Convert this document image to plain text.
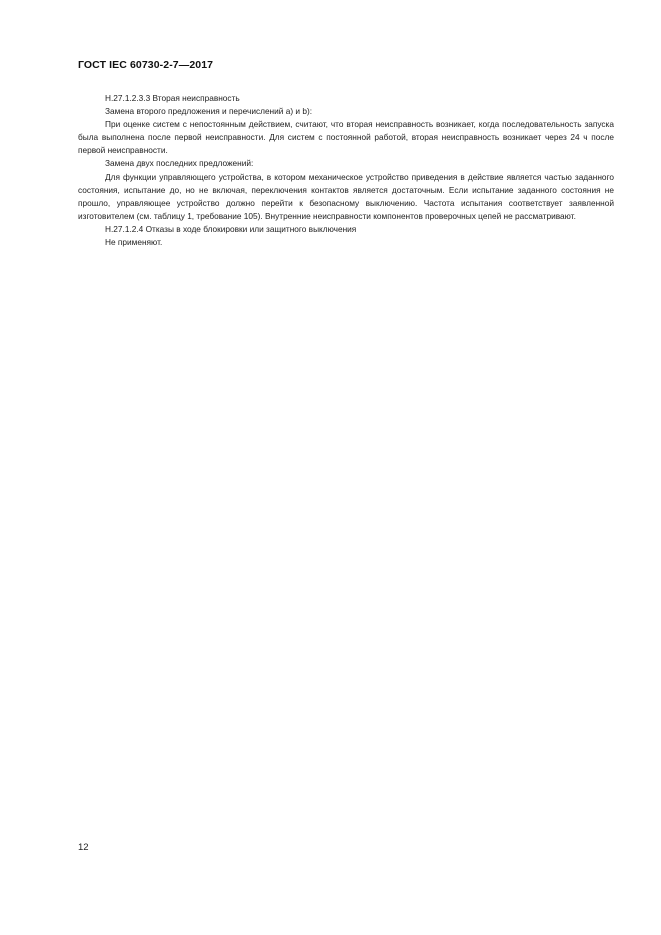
ГОСТ IEC 60730-2-7—2017

Н.27.1.2.3.3 Вторая неисправность

Замена второго предложения и перечислений a) и b):

При оценке систем с непостоянным действием, считают, что вторая неисправность возникает, когда последовательность запуска была выполнена после первой неисправности. Для систем с постоянной работой, вторая неисправность возникает через 24 ч после первой неисправности.

Замена двух последних предложений:

Для функции управляющего устройства, в котором механическое устройство приведения в действие является частью заданного состояния, испытание до, но не включая, переключения контактов является достаточным. Если испытание заданного состояния не прошло, управляющее устройство должно перейти к безопасному выключению. Частота испытания соответствует заявленной изготовителем (см. таблицу 1, требование 105). Внутренние неисправности компонентов проверочных цепей не рассматривают.

Н.27.1.2.4 Отказы в ходе блокировки или защитного выключения

Не применяют.

12
